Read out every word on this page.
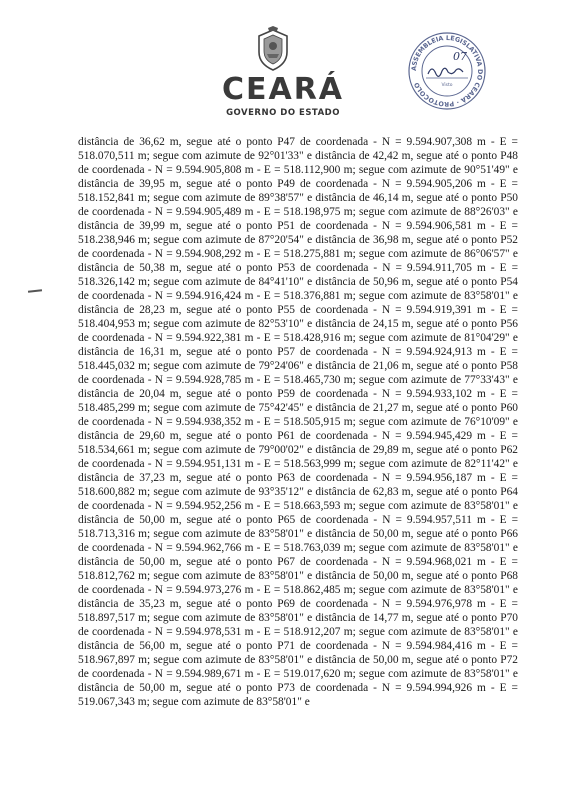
CEARÁ
GOVERNO DO ESTADO
ASSEMBLEIA LEGISLATIVA DO CEARÁ · PROTOCOLO
07
Visto

distância de 36,62 m, segue até o ponto P47 de coordenada - N = 9.594.907,308 m - E = 518.070,511 m; segue com azimute de 92°01'33" e distância de 42,42 m, segue até o ponto P48 de coordenada - N = 9.594.905,808 m - E = 518.112,900 m; segue com azimute de 90°51'49" e distância de 39,95 m, segue até o ponto P49 de coordenada - N = 9.594.905,206 m - E = 518.152,841 m; segue com azimute de 89°38'57" e distância de 46,14 m, segue até o ponto P50 de coordenada - N = 9.594.905,489 m - E = 518.198,975 m; segue com azimute de 88°26'03" e distância de 39,99 m, segue até o ponto P51 de coordenada - N = 9.594.906,581 m - E = 518.238,946 m; segue com azimute de 87°20'54" e distância de 36,98 m, segue até o ponto P52 de coordenada - N = 9.594.908,292 m - E = 518.275,881 m; segue com azimute de 86°06'57" e distância de 50,38 m, segue até o ponto P53 de coordenada - N = 9.594.911,705 m - E = 518.326,142 m; segue com azimute de 84°41'10" e distância de 50,96 m, segue até o ponto P54 de coordenada - N = 9.594.916,424 m - E = 518.376,881 m; segue com azimute de 83°58'01" e distância de 28,23 m, segue até o ponto P55 de coordenada - N = 9.594.919,391 m - E = 518.404,953 m; segue com azimute de 82°53'10" e distância de 24,15 m, segue até o ponto P56 de coordenada - N = 9.594.922,381 m - E = 518.428,916 m; segue com azimute de 81°04'29" e distância de 16,31 m, segue até o ponto P57 de coordenada - N = 9.594.924,913 m - E = 518.445,032 m; segue com azimute de 79°24'06" e distância de 21,06 m, segue até o ponto P58 de coordenada - N = 9.594.928,785 m - E = 518.465,730 m; segue com azimute de 77°33'43" e distância de 20,04 m, segue até o ponto P59 de coordenada - N = 9.594.933,102 m - E = 518.485,299 m; segue com azimute de 75°42'45" e distância de 21,27 m, segue até o ponto P60 de coordenada - N = 9.594.938,352 m - E = 518.505,915 m; segue com azimute de 76°10'09" e distância de 29,60 m, segue até o ponto P61 de coordenada - N = 9.594.945,429 m - E = 518.534,661 m; segue com azimute de 79°00'02" e distância de 29,89 m, segue até o ponto P62 de coordenada - N = 9.594.951,131 m - E = 518.563,999 m; segue com azimute de 82°11'42" e distância de 37,23 m, segue até o ponto P63 de coordenada - N = 9.594.956,187 m - E = 518.600,882 m; segue com azimute de 93°35'12" e distância de 62,83 m, segue até o ponto P64 de coordenada - N = 9.594.952,256 m - E = 518.663,593 m; segue com azimute de 83°58'01" e distância de 50,00 m, segue até o ponto P65 de coordenada - N = 9.594.957,511 m - E = 518.713,316 m; segue com azimute de 83°58'01" e distância de 50,00 m, segue até o ponto P66 de coordenada - N = 9.594.962,766 m - E = 518.763,039 m; segue com azimute de 83°58'01" e distância de 50,00 m, segue até o ponto P67 de coordenada - N = 9.594.968,021 m - E = 518.812,762 m; segue com azimute de 83°58'01" e distância de 50,00 m, segue até o ponto P68 de coordenada - N = 9.594.973,276 m - E = 518.862,485 m; segue com azimute de 83°58'01" e distância de 35,23 m, segue até o ponto P69 de coordenada - N = 9.594.976,978 m - E = 518.897,517 m; segue com azimute de 83°58'01" e distância de 14,77 m, segue até o ponto P70 de coordenada - N = 9.594.978,531 m - E = 518.912,207 m; segue com azimute de 83°58'01" e distância de 56,00 m, segue até o ponto P71 de coordenada - N = 9.594.984,416 m - E = 518.967,897 m; segue com azimute de 83°58'01" e distância de 50,00 m, segue até o ponto P72 de coordenada - N = 9.594.989,671 m - E = 519.017,620 m; segue com azimute de 83°58'01" e distância de 50,00 m, segue até o ponto P73 de coordenada - N = 9.594.994,926 m - E = 519.067,343 m; segue com azimute de 83°58'01" e
